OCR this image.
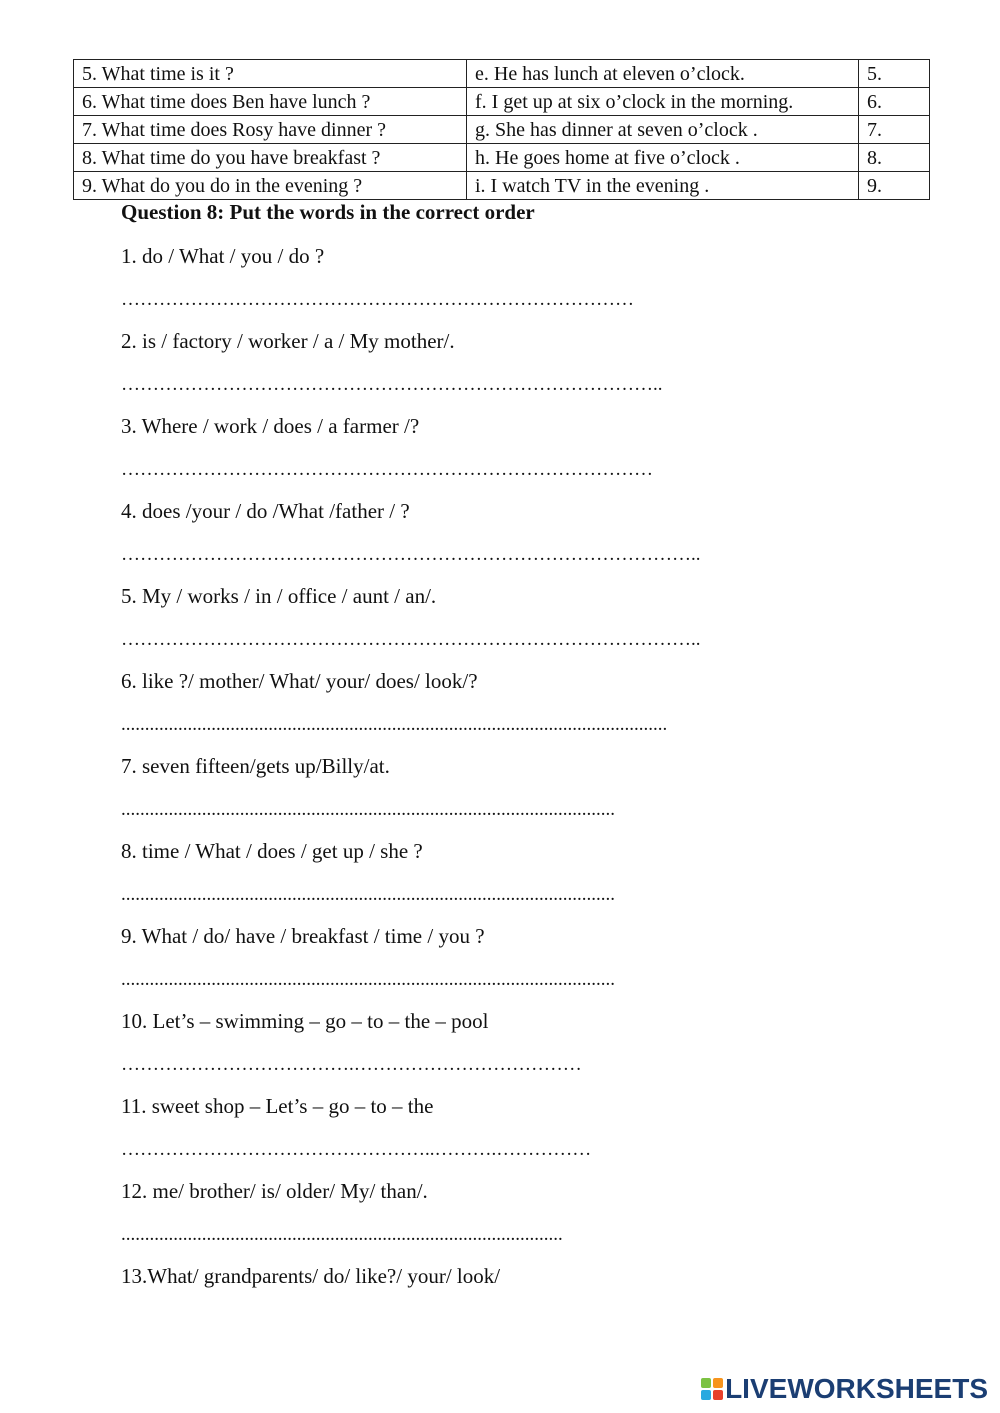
5. What time is it ?	e. He has lunch at eleven o’clock.	5.
6. What time does Ben have lunch ?	f. I get up at six o’clock in the morning.	6.
7. What time does Rosy have dinner ?	g. She has dinner at seven o’clock .	7.
8. What time do you have breakfast ?	h. He goes home at five o’clock .	8.
9. What do you do in the evening ?	i. I watch TV in the evening .	9.
Question 8: Put the words in the correct order

1. do / What / you / do ?

………………………………………………………………………

2. is / factory / worker / a / My mother/.

…………………………………………………………………………..

3. Where / work / does / a farmer /?

…………………………………………………………………………

4. does /your / do /What /father / ?

………………………………………………………………………………..

5. My / works / in / office / aunt / an/.

………………………………………………………………………………..

6. like ?/ mother/ What/ your/ does/ look/?

...................................................................................................................

7. seven fifteen/gets up/Billy/at.

........................................................................................................

8. time / What / does / get up / she ?

........................................................................................................

9. What / do/ have / breakfast / time / you ?

........................................................................................................

10. Let’s – swimming – go – to – the – pool

……………………………….………………………………

11. sweet shop – Let’s – go – to – the

…………………………………………..……….……………

12. me/ brother/ is/ older/ My/ than/.

.............................................................................................

13.What/ grandparents/ do/ like?/ your/ look/

LIVEWORKSHEETS
